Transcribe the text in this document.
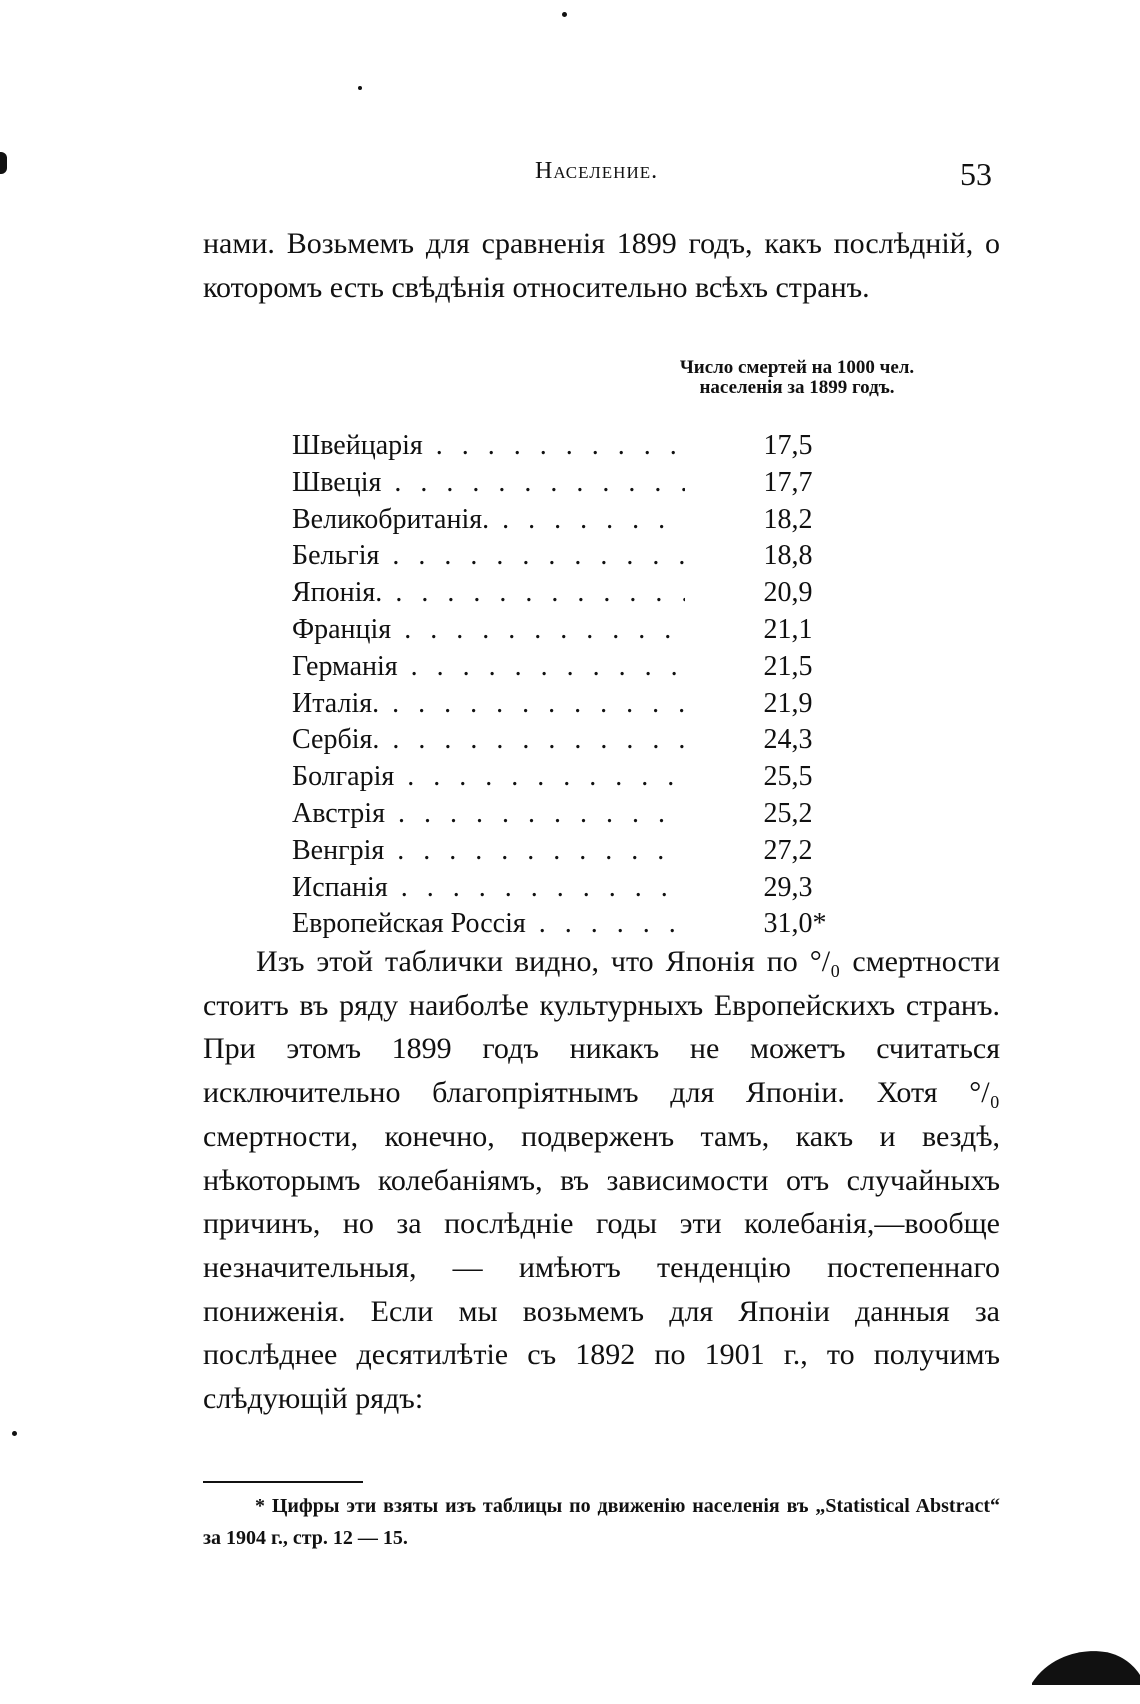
Население.	53

нами. Возьмемъ для сравненія 1899 годъ, какъ послѣдній, о которомъ есть свѣдѣнія относительно всѣхъ странъ.

Число смертей на 1000 чел. населенія за 1899 годъ.
Швейцарія . . .	17,5
Швеція . . .	17,7
Великобританія. . . .	18,2
Бельгія . . .	18,8
Японія. . . .	20,9
Франція . . .	21,1
Германія . . .	21,5
Италія. . . .	21,9
Сербія. . . .	24,3
Болгарія . . .	25,5
Австрія . . .	25,2
Венгрія . . .	27,2
Испанія . . .	29,3
Европейская Россія . . .	31,0*

Изъ этой таблички видно, что Японія по °/₀ смертности стоитъ въ ряду наиболѣе культурныхъ Европейскихъ странъ. При этомъ 1899 годъ никакъ не можетъ считаться исключительно благопріятнымъ для Японіи. Хотя °/₀ смертности, конечно, подверженъ тамъ, какъ и вездѣ, нѣкоторымъ колебаніямъ, въ зависимости отъ случайныхъ причинъ, но за послѣдніе годы эти колебанія,—вообще незначительныя, — имѣютъ тенденцію постепеннаго пониженія. Если мы возьмемъ для Японіи данныя за послѣднее десятилѣтіе съ 1892 по 1901 г., то получимъ слѣдующій рядъ:

* Цифры эти взяты изъ таблицы по движенію населенія въ „Statistical Abstract“ за 1904 г., стр. 12 — 15.
